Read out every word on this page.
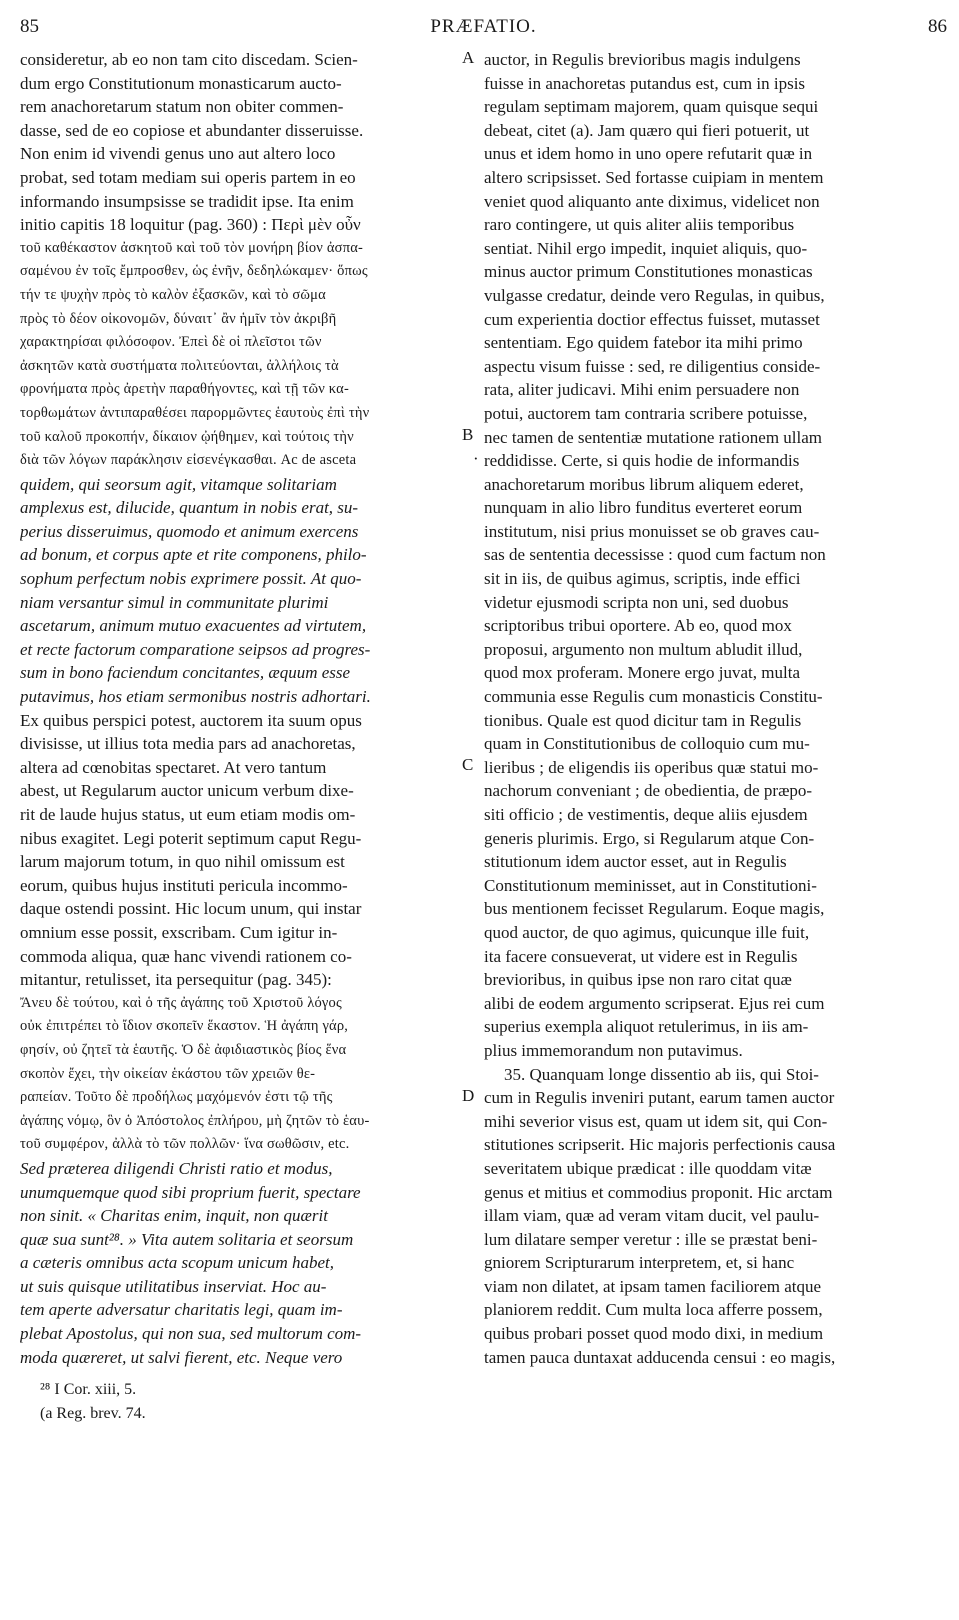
85	PRÆFATIO.	86
consideretur, ab eo non tam cito discedam. Scien-
dum ergo Constitutionum monasticarum aucto-
rem anachoretarum statum non obiter commen-
dasse, sed de eo copiose et abundanter disseruisse.
Non enim id vivendi genus uno aut altero loco
probat, sed totam mediam sui operis partem in eo
informando insumpsisse se tradidit ipse. Ita enim
initio capitis 18 loquitur (pag. 360) : Περὶ μὲν οὖν
τοῦ καθέκαστον ἀσκητοῦ καὶ τοῦ τὸν μονήρη βίον ἀσπα-
σαμένου ἐν τοῖς ἔμπροσθεν, ὡς ἐνῆν, δεδηλώκαμεν· ὅπως
τήν τε ψυχὴν πρὸς τὸ καλὸν ἐξασκῶν, καὶ τὸ σῶμα
πρὸς τὸ δέον οἰκονομῶν, δύναιτ᾽ ἂν ἡμῖν τὸν ἀκριβῆ
χαρακτηρίσαι φιλόσοφον. Ἐπεὶ δὲ οἱ πλεῖστοι τῶν
ἀσκητῶν κατὰ συστήματα πολιτεύονται, ἀλλήλοις τὰ
φρονήματα πρὸς ἀρετὴν παραθήγοντες, καὶ τῇ τῶν κα-
τορθωμάτων ἀντιπαραθέσει παρορμῶντες ἑαυτοὺς ἐπὶ τὴν
τοῦ καλοῦ προκοπήν, δίκαιον ᾠήθημεν, καὶ τούτοις τὴν
διὰ τῶν λόγων παράκλησιν εἰσενέγκασθαι. Ac de asceta
quidem, qui seorsum agit, vitamque solitariam
amplexus est, dilucide, quantum in nobis erat, su-
perius disseruimus, quomodo et animum exercens
ad bonum, et corpus apte et rite componens, philo-
sophum perfectum nobis exprimere possit. At quo-
niam versantur simul in communitate plurimi
ascetarum, animum mutuo exacuentes ad virtutem,
et recte factorum comparatione seipsos ad progres-
sum in bono faciendum concitantes, æquum esse
putavimus, hos etiam sermonibus nostris adhortari.
Ex quibus perspici potest, auctorem ita suum opus
divisisse, ut illius tota media pars ad anachoretas,
altera ad cœnobitas spectaret. At vero tantum
abest, ut Regularum auctor unicum verbum dixe-
rit de laude hujus status, ut eum etiam modis om-
nibus exagitet. Legi poterit septimum caput Regu-
larum majorum totum, in quo nihil omissum est
eorum, quibus hujus instituti pericula incommo-
daque ostendi possint. Hic locum unum, qui instar
omnium esse possit, exscribam. Cum igitur in-
commoda aliqua, quæ hanc vivendi rationem co-
mitantur, retulisset, ita persequitur (pag. 345):
Ἄνευ δὲ τούτου, καὶ ὁ τῆς ἀγάπης τοῦ Χριστοῦ λόγος
οὐκ ἐπιτρέπει τὸ ἴδιον σκοπεῖν ἕκαστον. Ἡ ἀγάπη γάρ,
φησίν, οὐ ζητεῖ τὰ ἑαυτῆς. Ὁ δὲ ἀφιδιαστικὸς βίος ἕνα
σκοπὸν ἔχει, τὴν οἰκείαν ἑκάστου τῶν χρειῶν θε-
ραπείαν. Τοῦτο δὲ προδήλως μαχόμενόν ἐστι τῷ τῆς
ἀγάπης νόμῳ, ὃν ὁ Ἀπόστολος ἐπλήρου, μὴ ζητῶν τὸ ἑαυ-
τοῦ συμφέρον, ἀλλὰ τὸ τῶν πολλῶν· ἵνα σωθῶσιν, etc.
Sed præterea diligendi Christi ratio et modus,
unumquemque quod sibi proprium fuerit, spectare
non sinit. « Charitas enim, inquit, non quærit
quæ sua sunt²⁸. » Vita autem solitaria et seorsum
a cæteris omnibus acta scopum unicum habet,
ut suis quisque utilitatibus inserviat. Hoc au-
tem aperte adversatur charitatis legi, quam im-
plebat Apostolus, qui non sua, sed multorum com-
moda quæreret, ut salvi fierent, etc. Neque vero
auctor, in Regulis brevioribus magis indulgens
fuisse in anachoretas putandus est, cum in ipsis
regulam septimam majorem, quam quisque sequi
debeat, citet (a). Jam quæro qui fieri potuerit, ut
unus et idem homo in uno opere refutarit quæ in
altero scripsisset. Sed fortasse cuipiam in mentem
veniet quod aliquanto ante diximus, videlicet non
raro contingere, ut quis aliter aliis temporibus
sentiat. Nihil ergo impedit, inquiet aliquis, quo-
minus auctor primum Constitutiones monasticas
vulgasse credatur, deinde vero Regulas, in quibus,
cum experientia doctior effectus fuisset, mutasset
sententiam. Ego quidem fatebor ita mihi primo
aspectu visum fuisse : sed, re diligentius conside-
rata, aliter judicavi. Mihi enim persuadere non
potui, auctorem tam contraria scribere potuisse,
nec tamen de sententiæ mutatione rationem ullam
reddidisse. Certe, si quis hodie de informandis
anachoretarum moribus librum aliquem ederet,
nunquam in alio libro funditus everteret eorum
institutum, nisi prius monuisset se ob graves cau-
sas de sententia decessisse : quod cum factum non
sit in iis, de quibus agimus, scriptis, inde effici
videtur ejusmodi scripta non uni, sed duobus
scriptoribus tribui oportere. Ab eo, quod mox
proposui, argumento non multum abludit illud,
quod mox proferam. Monere ergo juvat, multa
communia esse Regulis cum monasticis Constitu-
tionibus. Quale est quod dicitur tam in Regulis
quam in Constitutionibus de colloquio cum mu-
lieribus ; de eligendis iis operibus quæ statui mo-
nachorum conveniant ; de obedientia, de præpo-
siti officio ; de vestimentis, deque aliis ejusdem
generis plurimis. Ergo, si Regularum atque Con-
stitutionum idem auctor esset, aut in Regulis
Constitutionum meminisset, aut in Constitutioni-
bus mentionem fecisset Regularum. Eoque magis,
quod auctor, de quo agimus, quicunque ille fuit,
ita facere consueverat, ut videre est in Regulis
brevioribus, in quibus ipse non raro citat quæ
alibi de eodem argumento scripserat. Ejus rei cum
superius exempla aliquot retulerimus, in iis am-
plius immemorandum non putavimus.
35. Quanquam longe dissentio ab iis, qui Stoi-
cum in Regulis inveniri putant, earum tamen auctor
mihi severior visus est, quam ut idem sit, qui Con-
stitutiones scripserit. Hic majoris perfectionis causa
severitatem ubique prædicat : ille quoddam vitæ
genus et mitius et commodius proponit. Hic arctam
illam viam, quæ ad veram vitam ducit, vel paulu-
lum dilatare semper veretur : ille se præstat beni-
gniorem Scripturarum interpretem, et, si hanc
viam non dilatet, at ipsam tamen faciliorem atque
planiorem reddit. Cum multa loca afferre possem,
quibus probari posset quod modo dixi, in medium
tamen pauca duntaxat adducenda censui : eo magis,
A
B
·
C
D
²⁸ I Cor. xiii, 5.
(a Reg. brev. 74.
